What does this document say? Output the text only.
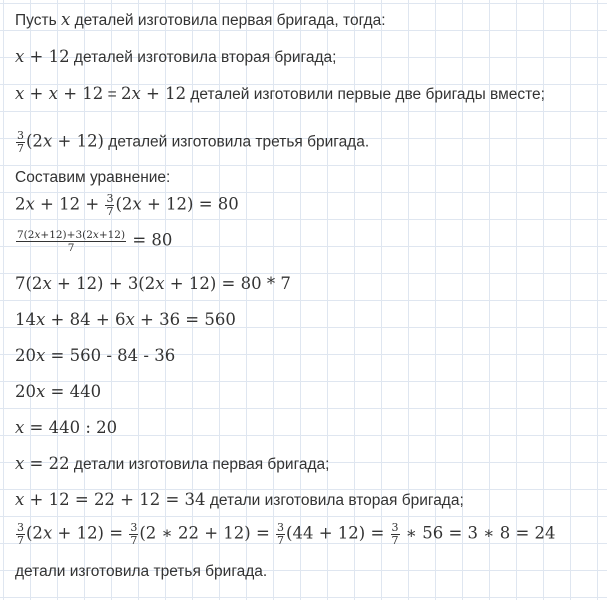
Пусть x деталей изготовила первая бригада, тогда:
x + 12 деталей изготовила вторая бригада;
x + x + 12 = 2x + 12 деталей изготовили первые две бригады вместе;
$\frac{3}{7} (2x + 12)$ деталей изготовила третья бригада.
Составим уравнение:
$2x + 12 + \frac{3}{7} (2x + 12) = 80$
$\frac{7(2x+12)+3(2x+12)}{7} = 80$
7(2x + 12) + 3(2x + 12) = 80 * 7
14x + 84 + 6x + 36 = 560
20x = 560 - 84 - 36
20x = 440
x = 440 : 20
x = 22 детали изготовила первая бригада;
x + 12 = 22 + 12 = 34 детали изготовила вторая бригада;
$\frac{3}{7} (2x + 12) = \frac{3}{7} (2$ ∗ $22 + 12) = \frac{3}{7} (44 + 12) = \frac{3}{7}$ ∗ 56 = 3 ∗ 8 = 24
детали изготовила третья бригада.
